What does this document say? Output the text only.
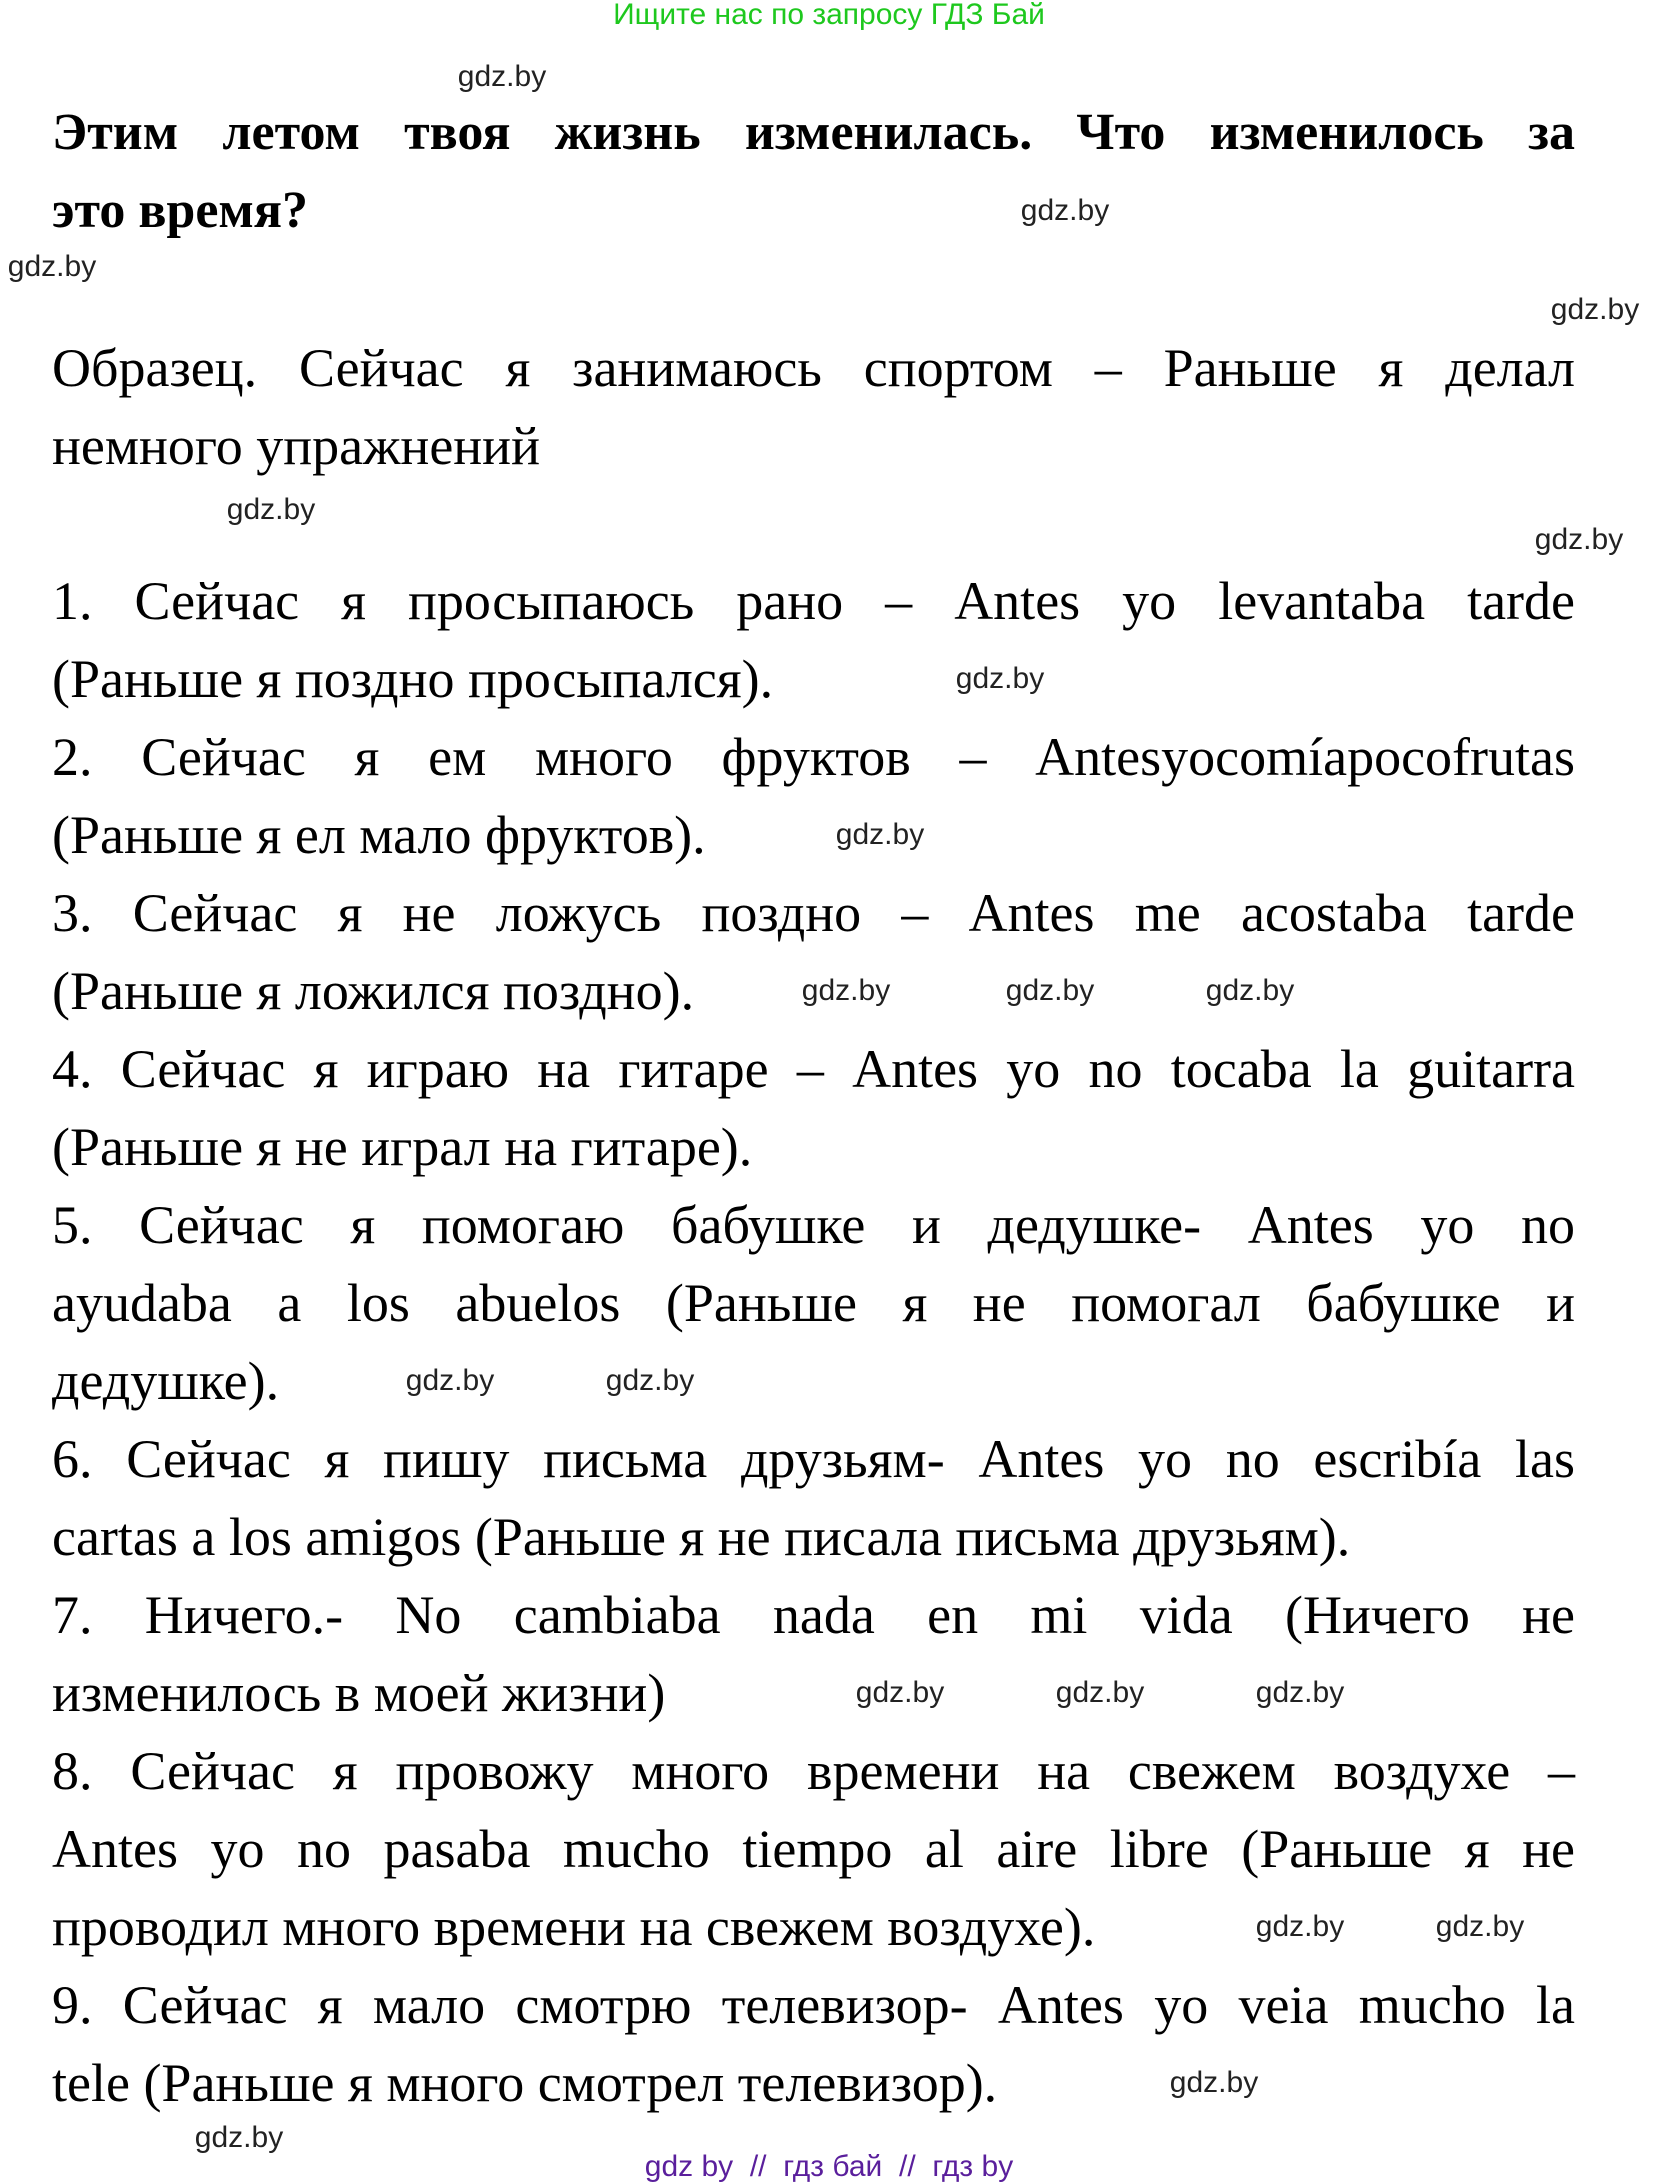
Ищите нас по запросу ГДЗ Бай
Этим летом твоя жизнь изменилась. Что изменилось за
это время?
Образец. Сейчас я занимаюсь спортом – Раньше я делал
немного упражнений
1. Сейчас я просыпаюсь рано – Antes yo levantaba tarde
(Раньше я поздно просыпался).
2. Сейчас я ем много фруктов – Antesyocomíapocofrutas
(Раньше я ел мало фруктов).
3. Сейчас я не ложусь поздно – Antes me acostaba tarde
(Раньше я ложился поздно).
4. Сейчас я играю на гитаре – Antes yo no tocaba la guitarra
(Раньше я не играл на гитаре).
5. Сейчас я помогаю бабушке и дедушке- Antes yo no
ayudaba a los abuelos (Раньше я не помогал бабушке и
дедушке).
6. Сейчас я пишу письма друзьям- Antes yo no escribía las
cartas a los amigos (Раньше я не писала письма друзьям).
7. Ничего.- No cambiaba nada en mi vida (Ничего не
изменилось в моей жизни)
8. Сейчас я провожу много времени на свежем воздухе –
Antes yo no pasaba mucho tiempo al aire libre (Раньше я не
проводил много времени на свежем воздухе).
9. Сейчас я мало смотрю телевизор- Antes yo veia mucho la
tele (Раньше я много смотрел телевизор).
gdz.by
gdz.by
gdz.by
gdz.by
gdz.by
gdz.by
gdz.by
gdz.by
gdz.by
gdz.by
gdz.by
gdz.by
gdz.by
gdz.by	gdz.by
gdz.by
gdz.by	gdz.by
gdz.by
gdz.by
gdz by  //  гдз бай  //  гдз by
